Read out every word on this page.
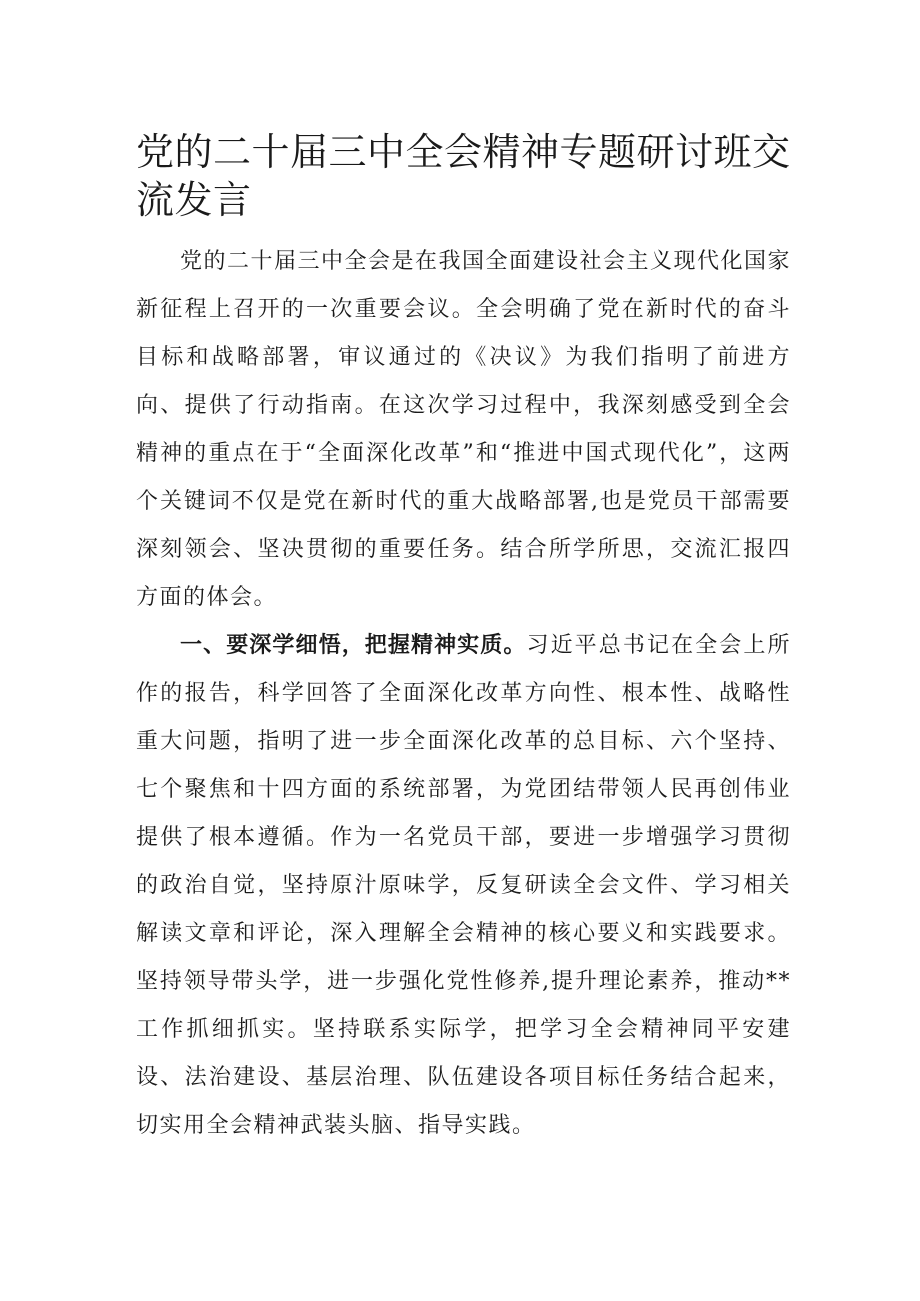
党的二十届三中全会精神专题研讨班交流发言

党的二十届三中全会是在我国全面建设社会主义现代化国家新征程上召开的一次重要会议。全会明确了党在新时代的奋斗目标和战略部署，审议通过的《决议》为我们指明了前进方向、提供了行动指南。在这次学习过程中，我深刻感受到全会精神的重点在于“全面深化改革”和“推进中国式现代化”，这两个关键词不仅是党在新时代的重大战略部署,也是党员干部需要深刻领会、坚决贯彻的重要任务。结合所学所思，交流汇报四方面的体会。

一、要深学细悟，把握精神实质。习近平总书记在全会上所作的报告，科学回答了全面深化改革方向性、根本性、战略性重大问题，指明了进一步全面深化改革的总目标、六个坚持、七个聚焦和十四方面的系统部署，为党团结带领人民再创伟业提供了根本遵循。作为一名党员干部，要进一步增强学习贯彻的政治自觉，坚持原汁原味学，反复研读全会文件、学习相关解读文章和评论，深入理解全会精神的核心要义和实践要求。坚持领导带头学，进一步强化党性修养,提升理论素养，推动**工作抓细抓实。坚持联系实际学，把学习全会精神同平安建设、法治建设、基层治理、队伍建设各项目标任务结合起来，切实用全会精神武装头脑、指导实践。
